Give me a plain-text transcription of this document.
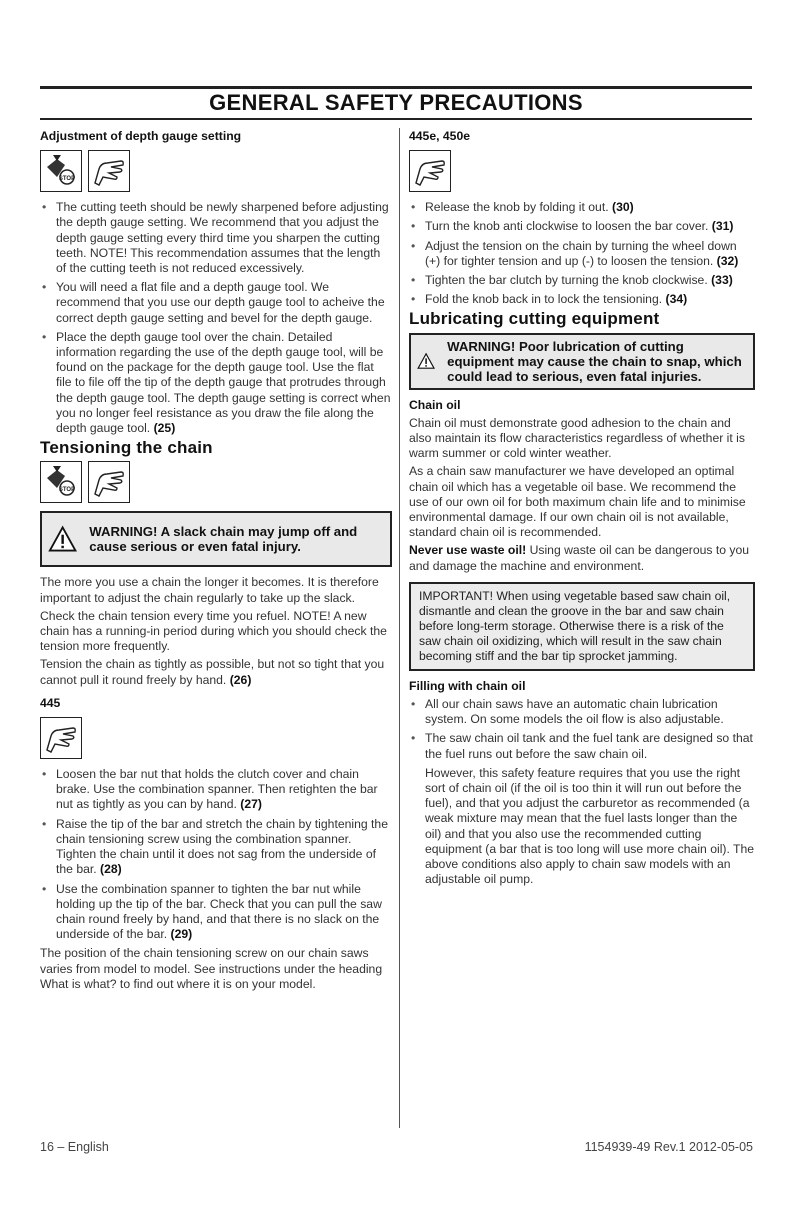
GENERAL SAFETY PRECAUTIONS
Adjustment of depth gauge setting
STOP
• The cutting teeth should be newly sharpened before adjusting the depth gauge setting. We recommend that you adjust the depth gauge setting every third time you sharpen the cutting teeth. NOTE! This recommendation assumes that the length of the cutting teeth is not reduced excessively.
• You will need a flat file and a depth gauge tool. We recommend that you use our depth gauge tool to acheive the correct depth gauge setting and bevel for the depth gauge.
• Place the depth gauge tool over the chain. Detailed information regarding the use of the depth gauge tool, will be found on the package for the depth gauge tool. Use the flat file to file off the tip of the depth gauge that protrudes through the depth gauge tool. The depth gauge setting is correct when you no longer feel resistance as you draw the file along the depth gauge tool. (25)
Tensioning the chain
STOP
WARNING! A slack chain may jump off and cause serious or even fatal injury.

The more you use a chain the longer it becomes. It is therefore important to adjust the chain regularly to take up the slack.

Check the chain tension every time you refuel. NOTE! A new chain has a running-in period during which you should check the tension more frequently.

Tension the chain as tightly as possible, but not so tight that you cannot pull it round freely by hand. (26)

445
• Loosen the bar nut that holds the clutch cover and chain brake. Use the combination spanner. Then retighten the bar nut as tightly as you can by hand. (27)
• Raise the tip of the bar and stretch the chain by tightening the chain tensioning screw using the combination spanner. Tighten the chain until it does not sag from the underside of the bar. (28)
• Use the combination spanner to tighten the bar nut while holding up the tip of the bar. Check that you can pull the saw chain round freely by hand, and that there is no slack on the underside of the bar. (29)

The position of the chain tensioning screw on our chain saws varies from model to model. See instructions under the heading What is what? to find out where it is on your model.

445e, 450e
• Release the knob by folding it out. (30)
• Turn the knob anti clockwise to loosen the bar cover. (31)
• Adjust the tension on the chain by turning the wheel down (+) for tighter tension and up (-) to loosen the tension. (32)
• Tighten the bar clutch by turning the knob clockwise. (33)
• Fold the knob back in to lock the tensioning. (34)
Lubricating cutting equipment
WARNING! Poor lubrication of cutting equipment may cause the chain to snap, which could lead to serious, even fatal injuries.
Chain oil

Chain oil must demonstrate good adhesion to the chain and also maintain its flow characteristics regardless of whether it is warm summer or cold winter weather.

As a chain saw manufacturer we have developed an optimal chain oil which has a vegetable oil base. We recommend the use of our own oil for both maximum chain life and to minimise environmental damage. If our own chain oil is not available, standard chain oil is recommended.

Never use waste oil! Using waste oil can be dangerous to you and damage the machine and environment.

IMPORTANT! When using vegetable based saw chain oil, dismantle and clean the groove in the bar and saw chain before long-term storage. Otherwise there is a risk of the saw chain oil oxidizing, which will result in the saw chain becoming stiff and the bar tip sprocket jamming.
Filling with chain oil
• All our chain saws have an automatic chain lubrication system. On some models the oil flow is also adjustable.
• The saw chain oil tank and the fuel tank are designed so that the fuel runs out before the saw chain oil.

However, this safety feature requires that you use the right sort of chain oil (if the oil is too thin it will run out before the fuel), and that you adjust the carburetor as recommended (a weak mixture may mean that the fuel lasts longer than the oil) and that you also use the recommended cutting equipment (a bar that is too long will use more chain oil). The above conditions also apply to chain saw models with an adjustable oil pump.

16 – English	1154939-49 Rev.1 2012-05-05
